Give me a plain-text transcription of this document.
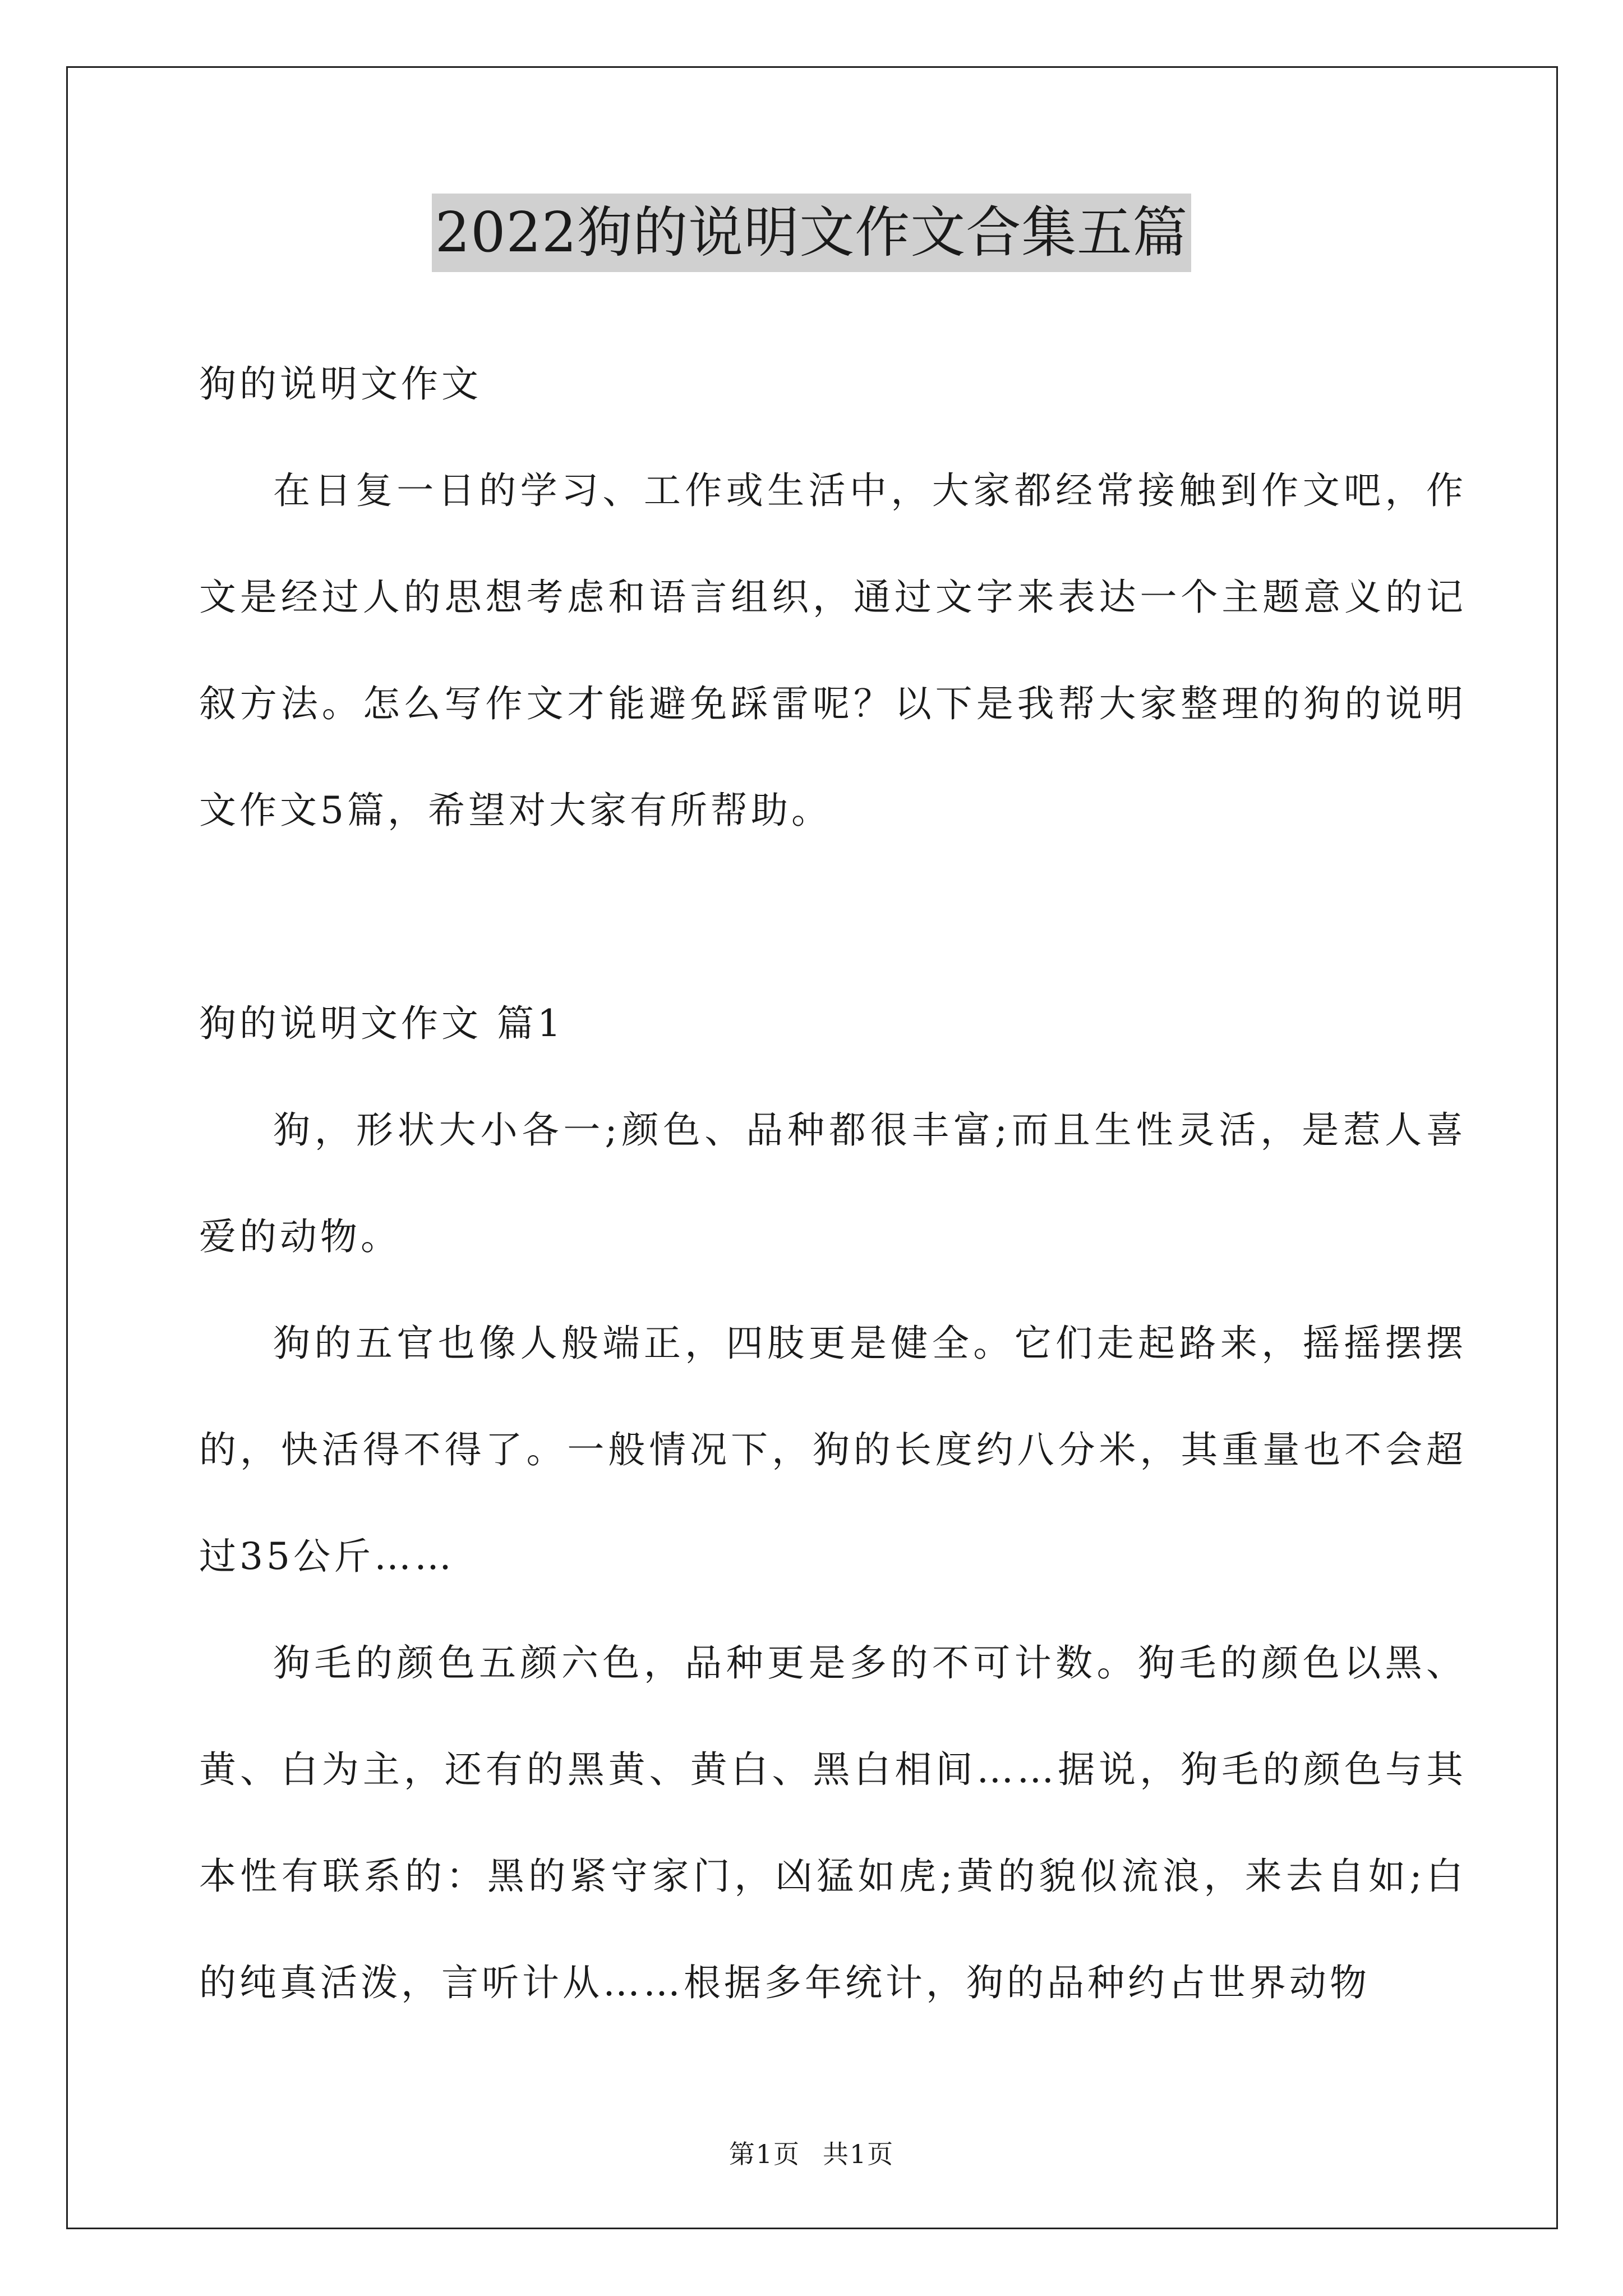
2022狗的说明文作文合集五篇

狗的说明文作文

在日复一日的学习、工作或生活中，大家都经常接触到作文吧，作文是经过人的思想考虑和语言组织，通过文字来表达一个主题意义的记叙方法。怎么写作文才能避免踩雷呢？以下是我帮大家整理的狗的说明文作文5篇，希望对大家有所帮助。

狗的说明文作文 篇1

狗，形状大小各一;颜色、品种都很丰富;而且生性灵活，是惹人喜爱的动物。

狗的五官也像人般端正，四肢更是健全。它们走起路来，摇摇摆摆的，快活得不得了。一般情况下，狗的长度约八分米，其重量也不会超过35公斤……

狗毛的颜色五颜六色，品种更是多的不可计数。狗毛的颜色以黑、黄、白为主，还有的黑黄、黄白、黑白相间……据说，狗毛的颜色与其本性有联系的：黑的紧守家门，凶猛如虎;黄的貌似流浪，来去自如;白的纯真活泼，言听计从……根据多年统计，狗的品种约占世界动物

第1页 共1页
